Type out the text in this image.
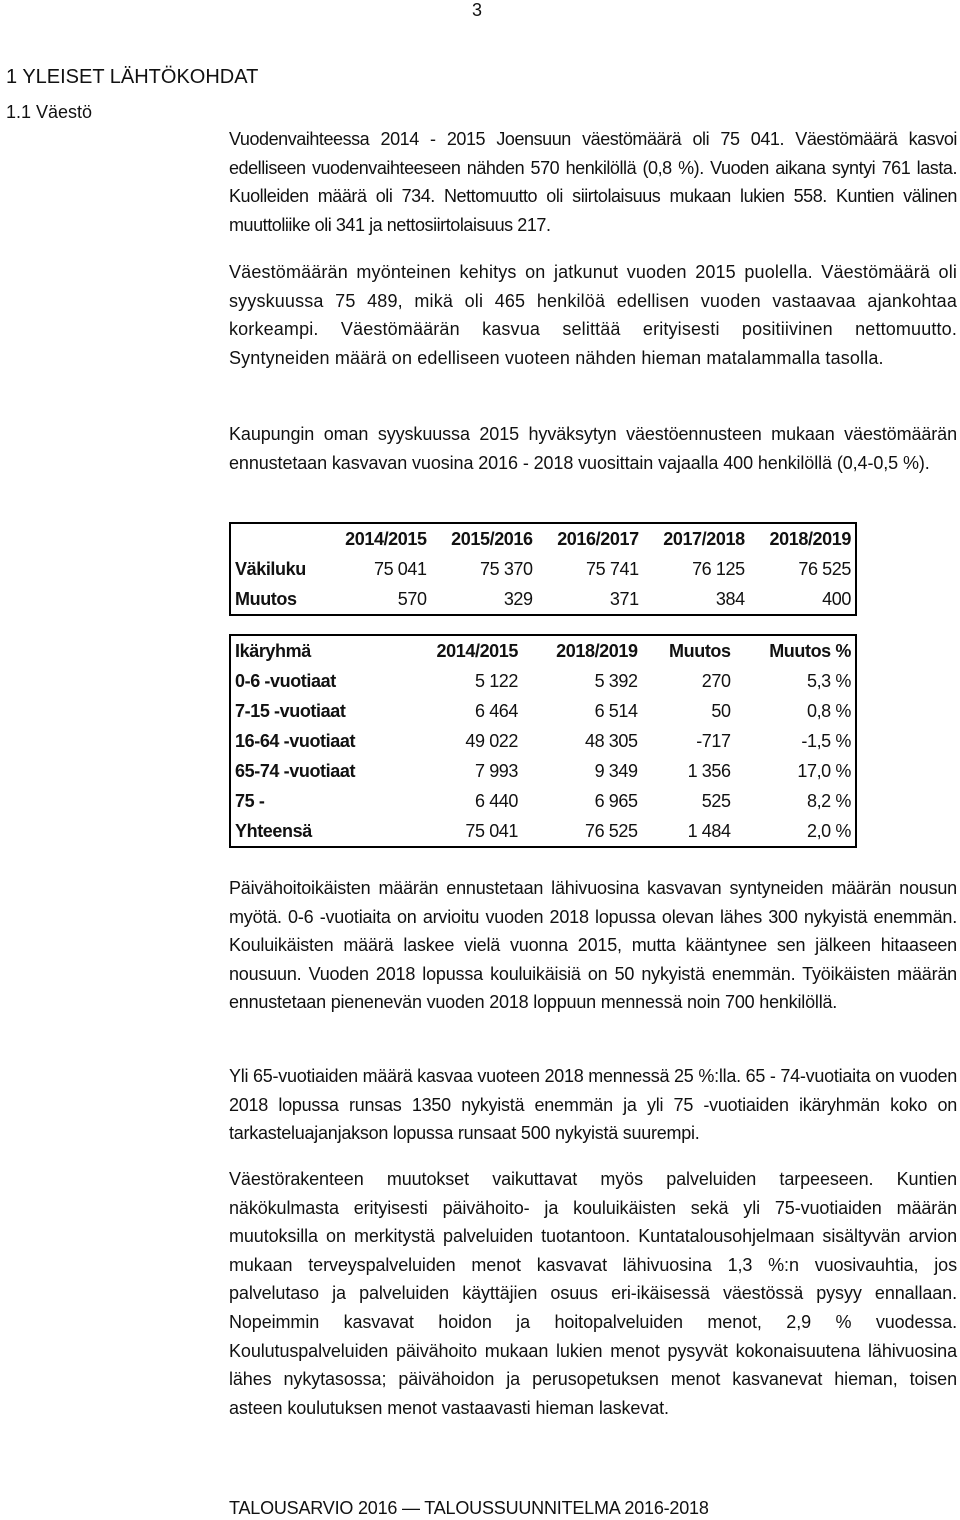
3
1 YLEISET LÄHTÖKOHDAT
1.1 Väestö
Vuodenvaihteessa 2014 - 2015 Joensuun väestömäärä oli 75 041. Väestömäärä kasvoi edelliseen vuodenvaihteeseen nähden 570 henkilöllä (0,8 %). Vuoden aikana syntyi 761 lasta. Kuolleiden määrä oli 734. Nettomuutto oli siirtolaisuus mukaan lukien 558. Kuntien välinen muuttoliike oli 341 ja nettosiirtolaisuus 217.
Väestömäärän myönteinen kehitys on jatkunut vuoden 2015 puolella. Väestömäärä oli syyskuussa 75 489, mikä oli 465 henkilöä edellisen vuoden vastaavaa ajankohtaa korkeampi. Väestömäärän kasvua selittää erityisesti positiivinen nettomuutto. Syntyneiden määrä on edelliseen vuoteen nähden hieman matalammalla tasolla.
Kaupungin oman syyskuussa 2015 hyväksytyn väestöennusteen mukaan väestömäärän ennustetaan kasvavan vuosina 2016 - 2018 vuosittain vajaalla 400 henkilöllä (0,4-0,5 %).
	2014/2015	2015/2016	2016/2017	2017/2018	2018/2019
Väkiluku	75 041	75 370	75 741	76 125	76 525
Muutos	570	329	371	384	400
Ikäryhmä	2014/2015	2018/2019	Muutos	Muutos %
0-6 -vuotiaat	5 122	5 392	270	5,3 %
7-15 -vuotiaat	6 464	6 514	50	0,8 %
16-64 -vuotiaat	49 022	48 305	-717	-1,5 %
65-74 -vuotiaat	7 993	9 349	1 356	17,0 %
75 -	6 440	6 965	525	8,2 %
Yhteensä	75 041	76 525	1 484	2,0 %
Päivähoitoikäisten määrän ennustetaan lähivuosina kasvavan syntyneiden määrän nousun myötä. 0-6 -vuotiaita on arvioitu vuoden 2018 lopussa olevan lähes 300 nykyistä enemmän. Kouluikäisten määrä laskee vielä vuonna 2015, mutta kääntynee sen jälkeen hitaaseen nousuun. Vuoden 2018 lopussa kouluikäisiä on 50 nykyistä enemmän. Työikäisten määrän ennustetaan pienenevän vuoden 2018 loppuun mennessä noin 700 henkilöllä.
Yli 65-vuotiaiden määrä kasvaa vuoteen 2018 mennessä 25 %:lla. 65 - 74-vuotiaita on vuoden 2018 lopussa runsas 1350 nykyistä enemmän ja yli 75 -vuotiaiden ikäryhmän koko on tarkasteluajanjakson lopussa runsaat 500 nykyistä suurempi.
Väestörakenteen muutokset vaikuttavat myös palveluiden tarpeeseen. Kuntien näkökulmasta erityisesti päivähoito- ja kouluikäisten sekä yli 75-vuotiaiden määrän muutoksilla on merkitystä palveluiden tuotantoon. Kuntatalousohjelmaan sisältyvän arvion mukaan terveyspalveluiden menot kasvavat lähivuosina 1,3 %:n vuosivauhtia, jos palvelutaso ja palveluiden käyttäjien osuus eri-ikäisessä väestössä pysyy ennallaan. Nopeimmin kasvavat hoidon ja hoitopalveluiden menot, 2,9 % vuodessa. Koulutuspalveluiden päivähoito mukaan lukien menot pysyvät kokonaisuutena lähivuosina lähes nykytasossa; päivähoidon ja perusopetuksen menot kasvanevat hieman, toisen asteen koulutuksen menot vastaavasti hieman laskevat.
TALOUSARVIO 2016 — TALOUSSUUNNITELMA 2016-2018
